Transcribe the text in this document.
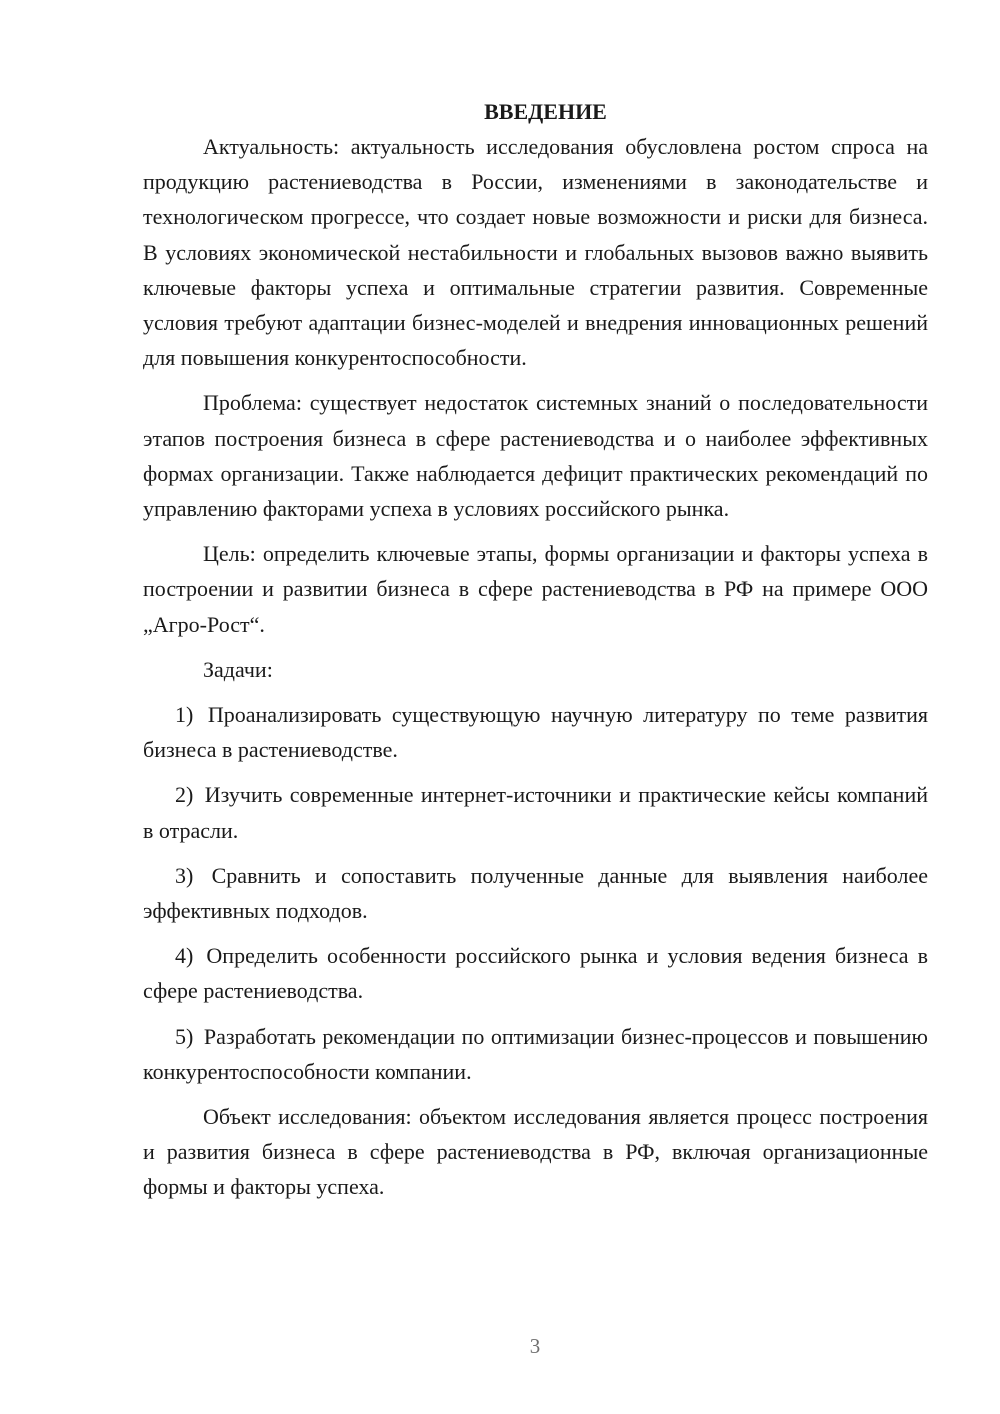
ВВЕДЕНИЕ

Актуальность: актуальность исследования обусловлена ростом спроса на продукцию растениеводства в России, изменениями в законодательстве и технологическом прогрессе, что создает новые возможности и риски для бизнеса. В условиях экономической нестабильности и глобальных вызовов важно выявить ключевые факторы успеха и оптимальные стратегии развития. Современные условия требуют адаптации бизнес-моделей и внедрения инновационных решений для повышения конкурентоспособности.

Проблема: существует недостаток системных знаний о последовательности этапов построения бизнеса в сфере растениеводства и о наиболее эффективных формах организации. Также наблюдается дефицит практических рекомендаций по управлению факторами успеха в условиях российского рынка.

Цель: определить ключевые этапы, формы организации и факторы успеха в построении и развитии бизнеса в сфере растениеводства в РФ на примере ООО „Агро-Рост“.

Задачи:

1) Проанализировать существующую научную литературу по теме развития бизнеса в растениеводстве.

2) Изучить современные интернет-источники и практические кейсы компаний в отрасли.

3) Сравнить и сопоставить полученные данные для выявления наиболее эффективных подходов.

4) Определить особенности российского рынка и условия ведения бизнеса в сфере растениеводства.

5) Разработать рекомендации по оптимизации бизнес-процессов и повышению конкурентоспособности компании.

Объект исследования: объектом исследования является процесс построения и развития бизнеса в сфере растениеводства в РФ, включая организационные формы и факторы успеха.

3
